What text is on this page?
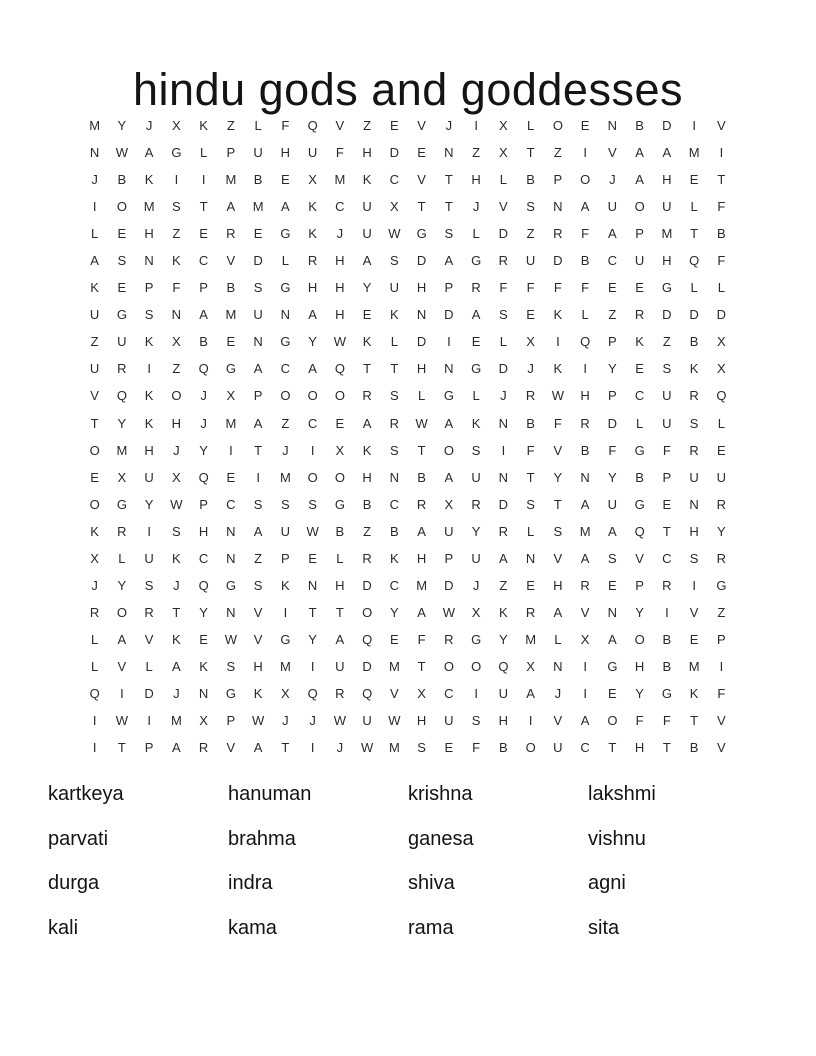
hindu gods and goddesses
M	Y	J	X	K	Z	L	F	Q	V	Z	E	V	J	I	X	L	O	E	N	B	D	I	V
N	W	A	G	L	P	U	H	U	F	H	D	E	N	Z	X	T	Z	I	V	A	A	M	I
J	B	K	I	I	M	B	E	X	M	K	C	V	T	H	L	B	P	O	J	A	H	E	T
I	O	M	S	T	A	M	A	K	C	U	X	T	T	J	V	S	N	A	U	O	U	L	F
L	E	H	Z	E	R	E	G	K	J	U	W	G	S	L	D	Z	R	F	A	P	M	T	B
A	S	N	K	C	V	D	L	R	H	A	S	D	A	G	R	U	D	B	C	U	H	Q	F
K	E	P	F	P	B	S	G	H	H	Y	U	H	P	R	F	F	F	F	E	E	G	L	L
U	G	S	N	A	M	U	N	A	H	E	K	N	D	A	S	E	K	L	Z	R	D	D	D
Z	U	K	X	B	E	N	G	Y	W	K	L	D	I	E	L	X	I	Q	P	K	Z	B	X
U	R	I	Z	Q	G	A	C	A	Q	T	T	H	N	G	D	J	K	I	Y	E	S	K	X
V	Q	K	O	J	X	P	O	O	O	R	S	L	G	L	J	R	W	H	P	C	U	R	Q
T	Y	K	H	J	M	A	Z	C	E	A	R	W	A	K	N	B	F	R	D	L	U	S	L
O	M	H	J	Y	I	T	J	I	X	K	S	T	O	S	I	F	V	B	F	G	F	R	E
E	X	U	X	Q	E	I	M	O	O	H	N	B	A	U	N	T	Y	N	Y	B	P	U	U
O	G	Y	W	P	C	S	S	S	G	B	C	R	X	R	D	S	T	A	U	G	E	N	R
K	R	I	S	H	N	A	U	W	B	Z	B	A	U	Y	R	L	S	M	A	Q	T	H	Y
X	L	U	K	C	N	Z	P	E	L	R	K	H	P	U	A	N	V	A	S	V	C	S	R
J	Y	S	J	Q	G	S	K	N	H	D	C	M	D	J	Z	E	H	R	E	P	R	I	G
R	O	R	T	Y	N	V	I	T	T	O	Y	A	W	X	K	R	A	V	N	Y	I	V	Z
L	A	V	K	E	W	V	G	Y	A	Q	E	F	R	G	Y	M	L	X	A	O	B	E	P
L	V	L	A	K	S	H	M	I	U	D	M	T	O	O	Q	X	N	I	G	H	B	M	I
Q	I	D	J	N	G	K	X	Q	R	Q	V	X	C	I	U	A	J	I	E	Y	G	K	F
I	W	I	M	X	P	W	J	J	W	U	W	H	U	S	H	I	V	A	O	F	F	T	V
I	T	P	A	R	V	A	T	I	J	W	M	S	E	F	B	O	U	C	T	H	T	B	V
kartkeya	hanuman	krishna	lakshmi
parvati	brahma	ganesa	vishnu
durga	indra	shiva	agni
kali	kama	rama	sita
